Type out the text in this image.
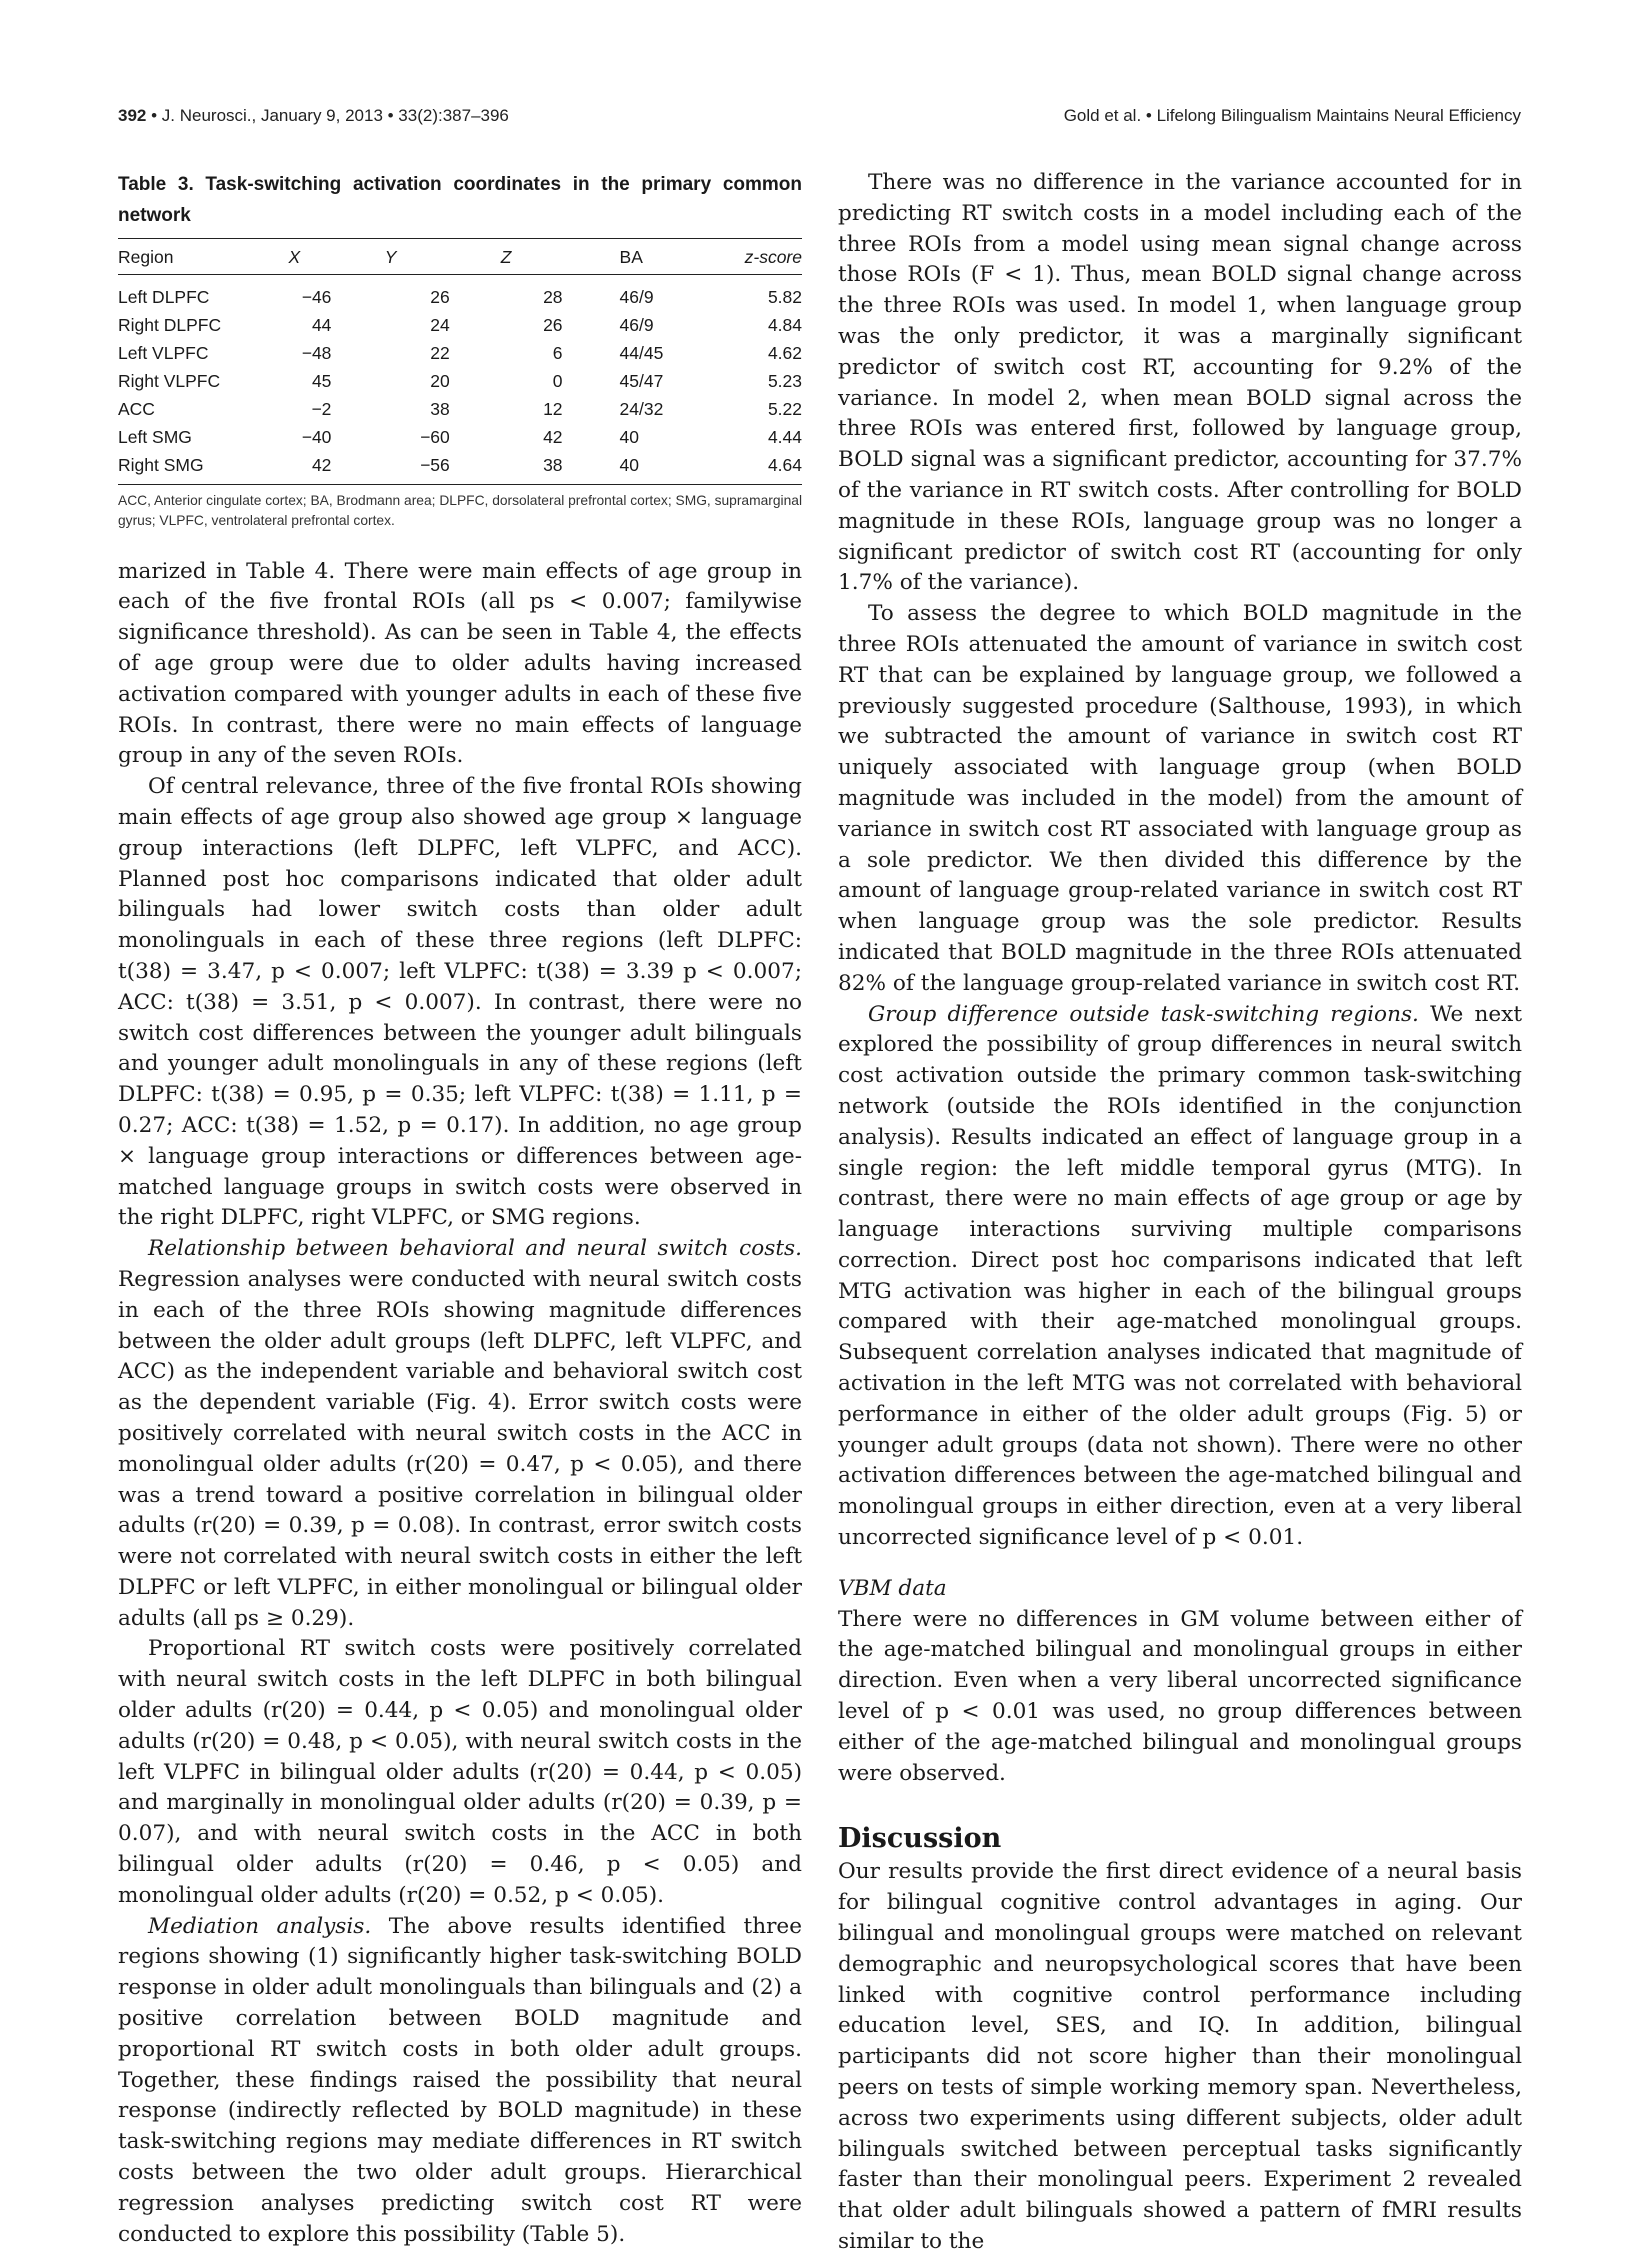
392 • J. Neurosci., January 9, 2013 • 33(2):387–396	Gold et al. • Lifelong Bilingualism Maintains Neural Efficiency
Table 3. Task-switching activation coordinates in the primary common network
Region	X	Y	Z	BA	z-score
Left DLPFC	−46	26	28	46/9	5.82
Right DLPFC	44	24	26	46/9	4.84
Left VLPFC	−48	22	6	44/45	4.62
Right VLPFC	45	20	0	45/47	5.23
ACC	−2	38	12	24/32	5.22
Left SMG	−40	−60	42	40	4.44
Right SMG	42	−56	38	40	4.64
ACC, Anterior cingulate cortex; BA, Brodmann area; DLPFC, dorsolateral prefrontal cortex; SMG, supramarginal gyrus; VLPFC, ventrolateral prefrontal cortex.

marized in Table 4. There were main effects of age group in each of the five frontal ROIs (all ps < 0.007; familywise significance threshold). As can be seen in Table 4, the effects of age group were due to older adults having increased activation compared with younger adults in each of these five ROIs. In contrast, there were no main effects of language group in any of the seven ROIs.

Of central relevance, three of the five frontal ROIs showing main effects of age group also showed age group × language group interactions (left DLPFC, left VLPFC, and ACC). Planned post hoc comparisons indicated that older adult bilinguals had lower switch costs than older adult monolinguals in each of these three regions (left DLPFC: t(38) = 3.47, p < 0.007; left VLPFC: t(38) = 3.39 p < 0.007; ACC: t(38) = 3.51, p < 0.007). In contrast, there were no switch cost differences between the younger adult bilinguals and younger adult monolinguals in any of these regions (left DLPFC: t(38) = 0.95, p = 0.35; left VLPFC: t(38) = 1.11, p = 0.27; ACC: t(38) = 1.52, p = 0.17). In addition, no age group × language group interactions or differences between age-matched language groups in switch costs were observed in the right DLPFC, right VLPFC, or SMG regions.

Relationship between behavioral and neural switch costs. Regression analyses were conducted with neural switch costs in each of the three ROIs showing magnitude differences between the older adult groups (left DLPFC, left VLPFC, and ACC) as the independent variable and behavioral switch cost as the dependent variable (Fig. 4). Error switch costs were positively correlated with neural switch costs in the ACC in monolingual older adults (r(20) = 0.47, p < 0.05), and there was a trend toward a positive correlation in bilingual older adults (r(20) = 0.39, p = 0.08). In contrast, error switch costs were not correlated with neural switch costs in either the left DLPFC or left VLPFC, in either monolingual or bilingual older adults (all ps ≥ 0.29).

Proportional RT switch costs were positively correlated with neural switch costs in the left DLPFC in both bilingual older adults (r(20) = 0.44, p < 0.05) and monolingual older adults (r(20) = 0.48, p < 0.05), with neural switch costs in the left VLPFC in bilingual older adults (r(20) = 0.44, p < 0.05) and marginally in monolingual older adults (r(20) = 0.39, p = 0.07), and with neural switch costs in the ACC in both bilingual older adults (r(20) = 0.46, p < 0.05) and monolingual older adults (r(20) = 0.52, p < 0.05).

Mediation analysis. The above results identified three regions showing (1) significantly higher task-switching BOLD response in older adult monolinguals than bilinguals and (2) a positive correlation between BOLD magnitude and proportional RT switch costs in both older adult groups. Together, these findings raised the possibility that neural response (indirectly reflected by BOLD magnitude) in these task-switching regions may mediate differences in RT switch costs between the two older adult groups. Hierarchical regression analyses predicting switch cost RT were conducted to explore this possibility (Table 5).

There was no difference in the variance accounted for in predicting RT switch costs in a model including each of the three ROIs from a model using mean signal change across those ROIs (F < 1). Thus, mean BOLD signal change across the three ROIs was used. In model 1, when language group was the only predictor, it was a marginally significant predictor of switch cost RT, accounting for 9.2% of the variance. In model 2, when mean BOLD signal across the three ROIs was entered first, followed by language group, BOLD signal was a significant predictor, accounting for 37.7% of the variance in RT switch costs. After controlling for BOLD magnitude in these ROIs, language group was no longer a significant predictor of switch cost RT (accounting for only 1.7% of the variance).

To assess the degree to which BOLD magnitude in the three ROIs attenuated the amount of variance in switch cost RT that can be explained by language group, we followed a previously suggested procedure (Salthouse, 1993), in which we subtracted the amount of variance in switch cost RT uniquely associated with language group (when BOLD magnitude was included in the model) from the amount of variance in switch cost RT associated with language group as a sole predictor. We then divided this difference by the amount of language group-related variance in switch cost RT when language group was the sole predictor. Results indicated that BOLD magnitude in the three ROIs attenuated 82% of the language group-related variance in switch cost RT.

Group difference outside task-switching regions. We next explored the possibility of group differences in neural switch cost activation outside the primary common task-switching network (outside the ROIs identified in the conjunction analysis). Results indicated an effect of language group in a single region: the left middle temporal gyrus (MTG). In contrast, there were no main effects of age group or age by language interactions surviving multiple comparisons correction. Direct post hoc comparisons indicated that left MTG activation was higher in each of the bilingual groups compared with their age-matched monolingual groups. Subsequent correlation analyses indicated that magnitude of activation in the left MTG was not correlated with behavioral performance in either of the older adult groups (Fig. 5) or younger adult groups (data not shown). There were no other activation differences between the age-matched bilingual and monolingual groups in either direction, even at a very liberal uncorrected significance level of p < 0.01.

VBM data

There were no differences in GM volume between either of the age-matched bilingual and monolingual groups in either direction. Even when a very liberal uncorrected significance level of p < 0.01 was used, no group differences between either of the age-matched bilingual and monolingual groups were observed.

Discussion

Our results provide the first direct evidence of a neural basis for bilingual cognitive control advantages in aging. Our bilingual and monolingual groups were matched on relevant demographic and neuropsychological scores that have been linked with cognitive control performance including education level, SES, and IQ. In addition, bilingual participants did not score higher than their monolingual peers on tests of simple working memory span. Nevertheless, across two experiments using different subjects, older adult bilinguals switched between perceptual tasks significantly faster than their monolingual peers. Experiment 2 revealed that older adult bilinguals showed a pattern of fMRI results similar to the
